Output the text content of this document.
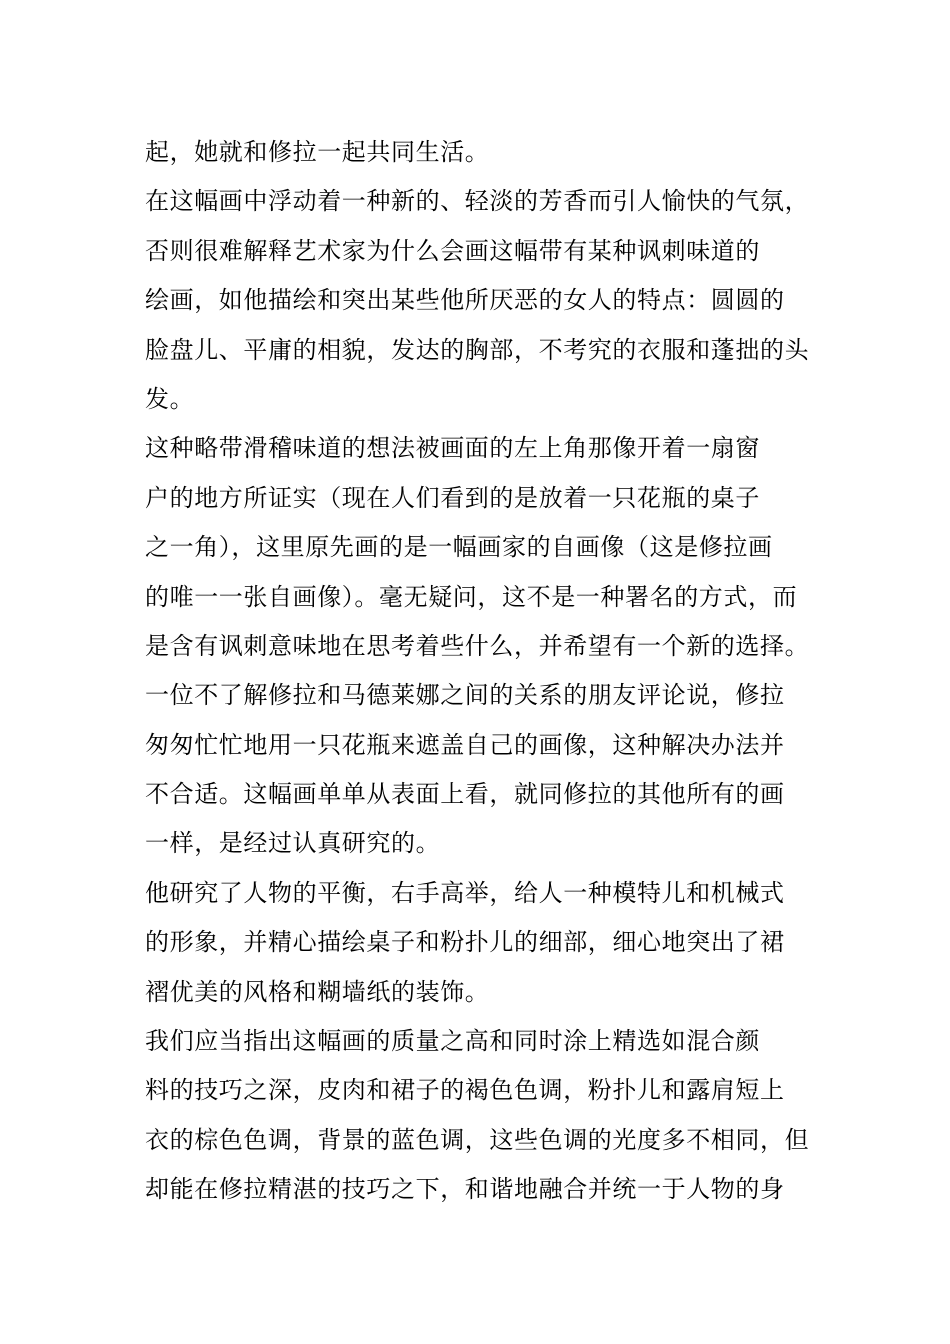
起，她就和修拉一起共同生活。
在这幅画中浮动着一种新的、轻淡的芳香而引人愉快的气氛，
否则很难解释艺术家为什么会画这幅带有某种讽刺味道的
绘画，如他描绘和突出某些他所厌恶的女人的特点：圆圆的
脸盘儿、平庸的相貌，发达的胸部，不考究的衣服和蓬拙的头
发。
这种略带滑稽味道的想法被画面的左上角那像开着一扇窗
户的地方所证实（现在人们看到的是放着一只花瓶的桌子
之一角），这里原先画的是一幅画家的自画像（这是修拉画
的唯一一张自画像）。毫无疑问，这不是一种署名的方式，而
是含有讽刺意味地在思考着些什么，并希望有一个新的选择。
一位不了解修拉和马德莱娜之间的关系的朋友评论说，修拉
匆匆忙忙地用一只花瓶来遮盖自己的画像，这种解决办法并
不合适。这幅画单单从表面上看，就同修拉的其他所有的画
一样，是经过认真研究的。
他研究了人物的平衡，右手高举，给人一种模特儿和机械式
的形象，并精心描绘桌子和粉扑儿的细部，细心地突出了裙
褶优美的风格和糊墙纸的装饰。
我们应当指出这幅画的质量之高和同时涂上精选如混合颜
料的技巧之深，皮肉和裙子的褐色色调，粉扑儿和露肩短上
衣的棕色色调，背景的蓝色调，这些色调的光度多不相同，但
却能在修拉精湛的技巧之下，和谐地融合并统一于人物的身
